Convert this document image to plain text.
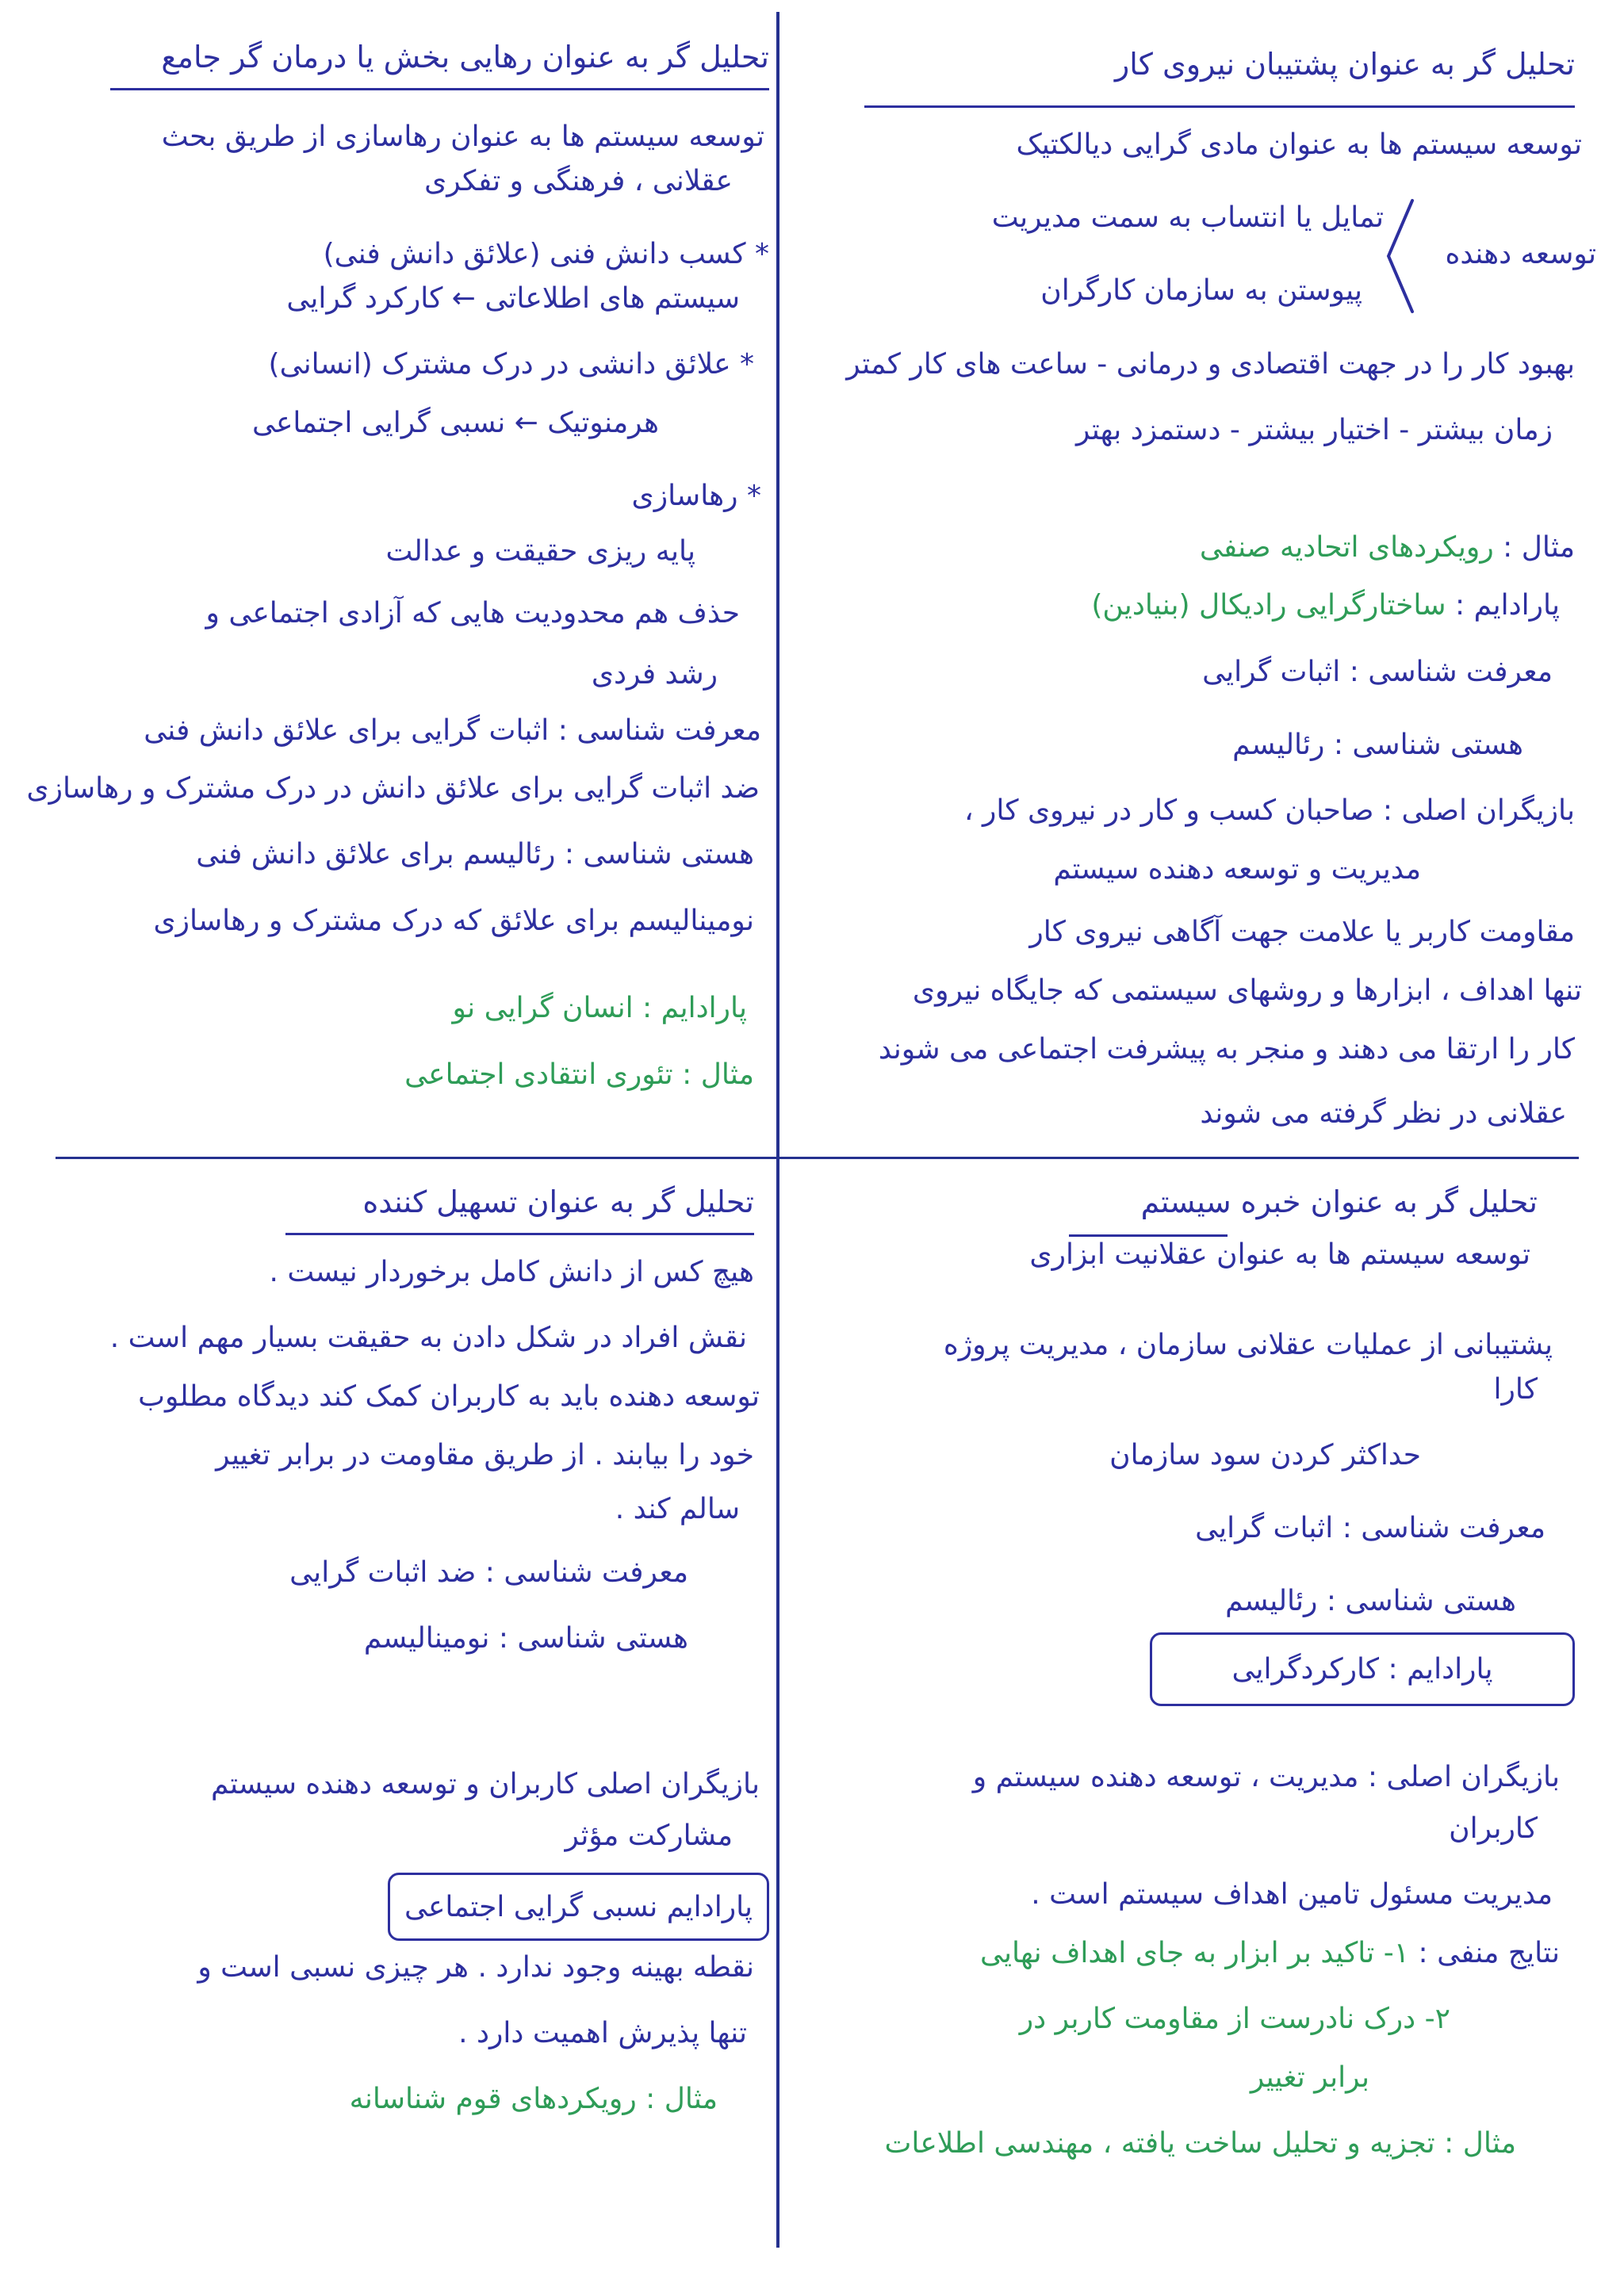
تحلیل گر به عنوان پشتیبان نیروی کار
توسعه سیستم ها به عنوان مادی گرایی دیالکتیک
تمایل یا انتساب به سمت مدیریت
توسعه دهنده
پیوستن به سازمان کارگران
بهبود کار را در جهت اقتصادی و درمانی - ساعت های کار کمتر
زمان بیشتر - اختیار بیشتر - دستمزد بهتر
مثال : رویکردهای اتحادیه صنفی
پارادایم : ساختارگرایی رادیکال (بنیادین)
معرفت شناسی : اثبات گرایی
هستی شناسی : رئالیسم
بازیگران اصلی : صاحبان کسب و کار در نیروی کار ،
مدیریت و توسعه دهنده سیستم
مقاومت کاربر یا علامت جهت آگاهی نیروی کار
تنها اهداف ، ابزارها و روشهای سیستمی که جایگاه نیروی
کار را ارتقا می دهند و منجر به پیشرفت اجتماعی می شوند
عقلانی در نظر گرفته می شوند
تحلیل گر به عنوان رهایی بخش یا درمان گر جامع
توسعه سیستم ها به عنوان رهاسازی از طریق بحث
عقلانی ، فرهنگی و تفکری
* کسب دانش فنی (علائق دانش فنی)
سیستم های اطلاعاتی ← کارکرد گرایی
* علائق دانشی در درک مشترک (انسانی)
هرمنوتیک ← نسبی گرایی اجتماعی
* رهاسازی
پایه ریزی حقیقت و عدالت
حذف هم محدودیت هایی که آزادی اجتماعی و
رشد فردی
معرفت شناسی : اثبات گرایی برای علائق دانش فنی
ضد اثبات گرایی برای علائق دانش در درک مشترک و رهاسازی
هستی شناسی : رئالیسم برای علائق دانش فنی
نومینالیسم برای علائق که درک مشترک و رهاسازی
پارادایم : انسان گرایی نو
مثال : تئوری انتقادی اجتماعی
تحلیل گر به عنوان تسهیل کننده
هیچ کس از دانش کامل برخوردار نیست .
نقش افراد در شکل دادن به حقیقت بسیار مهم است .
توسعه دهنده باید به کاربران کمک کند دیدگاه مطلوب
خود را بیابند . از طریق مقاومت در برابر تغییر
سالم کند .
معرفت شناسی : ضد اثبات گرایی
هستی شناسی : نومینالیسم
بازیگران اصلی کاربران و توسعه دهنده سیستم
مشارکت مؤثر
پارادایم نسبی گرایی اجتماعی
نقطه بهینه وجود ندارد . هر چیزی نسبی است و
تنها پذیرش اهمیت دارد .
مثال : رویکردهای قوم شناسانه
تحلیل گر به عنوان خبره سیستم
توسعه سیستم ها به عنوان عقلانیت ابزاری
پشتیبانی از عملیات عقلانی سازمان ، مدیریت پروژه
کارا
حداکثر کردن سود سازمان
معرفت شناسی : اثبات گرایی
هستی شناسی : رئالیسم
پارادایم : کارکردگرایی
بازیگران اصلی : مدیریت ، توسعه دهنده سیستم و
کاربران
مدیریت مسئول تامین اهداف سیستم است .
نتایج منفی : ۱- تاکید بر ابزار به جای اهداف نهایی
۲- درک نادرست از مقاومت کاربر در
برابر تغییر
مثال : تجزیه و تحلیل ساخت یافته ، مهندسی اطلاعات
